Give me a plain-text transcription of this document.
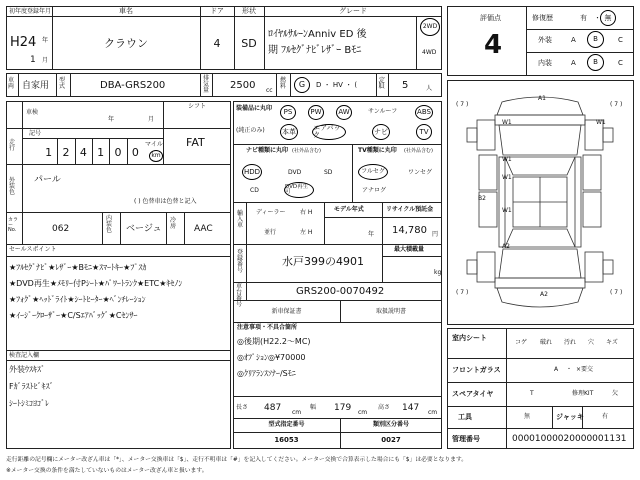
初年度登録年月
H24 年
1 月
車名
クラウン
ドア
4
形状
SD
グレード
ﾛｲﾔﾙｻﾙｰﾝAnniv ED 後
期 ﾌﾙｾｸﾞﾅﾋﾞﾚｻﾞｰ Bﾓﾆ
2WD
4WD
車両 自家用
型式	DBA-GRS200
排気量 2500 cc
燃料	G	D ・ HV ・ (　　　)
定員 5	人
評価点
4
修復歴	有 ・ 無
外装	A	B	C
内装	A	B	C
車検
年	月
シフト
FAT
走行
記号
1 2 4 1 0 0
マイル
km
外装色
パール
( ) 色替車は色替と記入
カラーNo.	062
内装色 ベージュ
冷房 AAC
セールスポイント
★ﾌﾙｾｸﾞﾅﾋﾞ★ﾚｻﾞｰ★Bﾓﾆ★ｽﾏｰﾄｷｰ★ﾌﾟｽｶ
★DVD再生★ﾒﾓﾘｰ付Pｼｰﾄ★ﾊﾟﾜｰﾄﾗﾝｸ★ETC★ｷｾﾉﾝ
★ﾌｫｸﾞ★ﾍｯﾄﾞﾗｲﾄ★ｼｰﾄﾋｰﾀｰ★ﾍﾞﾝﾁﾚｰｼｮﾝ
★ｲｰｼﾞｰｸﾛｰｻﾞｰ★C/Sｴｱﾊﾞｯｸﾞ★Cｾﾝｻｰ
検査記入欄
外装ｳｽｷｽﾞ
Fｶﾞﾗｽﾄﾋﾞｷｽﾞ
ｼｰﾄｼﾐｺﾖｺﾞﾚ
装備品に丸印
(純正のみ)
PS	PW	AW	サンルーフ	ABS
本革 エアバック	ナビ	TV
ナビ種類に丸印 (社外品含む)
HDD	DVD	SD
CD
DVD再生可
TV種類に丸印 (社外品含む)
フルセグ	ワンセグ
アナログ
輸入車
ディーラー
並行
右 H
左 H
モデル年式
年
リサイクル預託金
14,780 円
登録番号
水戸399の4901
最大積載量
kg
車台番号
GRS200-0070492
新車保証書	取扱説明書
注意事項・不具合箇所
◎後期(H22.2～MC)
◎ｵﾌﾟｼｮﾝ◎¥70000
◎ｸﾘｱﾗﾝｽｿﾅｰ/Sﾓﾆ
長さ 487 cm
幅 179 cm
高さ 147 cm
型式指定番号
16053
類別区分番号
0027
A1
W1
W1
W1
W1
W1
B2
A2
A2
( 7 )	( 7 )
( 7 )	( 7 )
室内シート
コゲ 破れ 汚れ 穴 キズ
フロントガラス	A ・ ×要交
スペアタイヤ	T	修理KIT	欠
工具	無	ジャッキ	有
管理番号	00001000020000001131
走行距離の記号欄にメーター改ざん車は「*」、メーター交換車は「$」、走行不明車は「#」を記入してください。メーター交換で合算表示した場合にも「$」は必要となります。
※メーター交換の条件を満たしていないものはメーター改ざん車と扱います。
